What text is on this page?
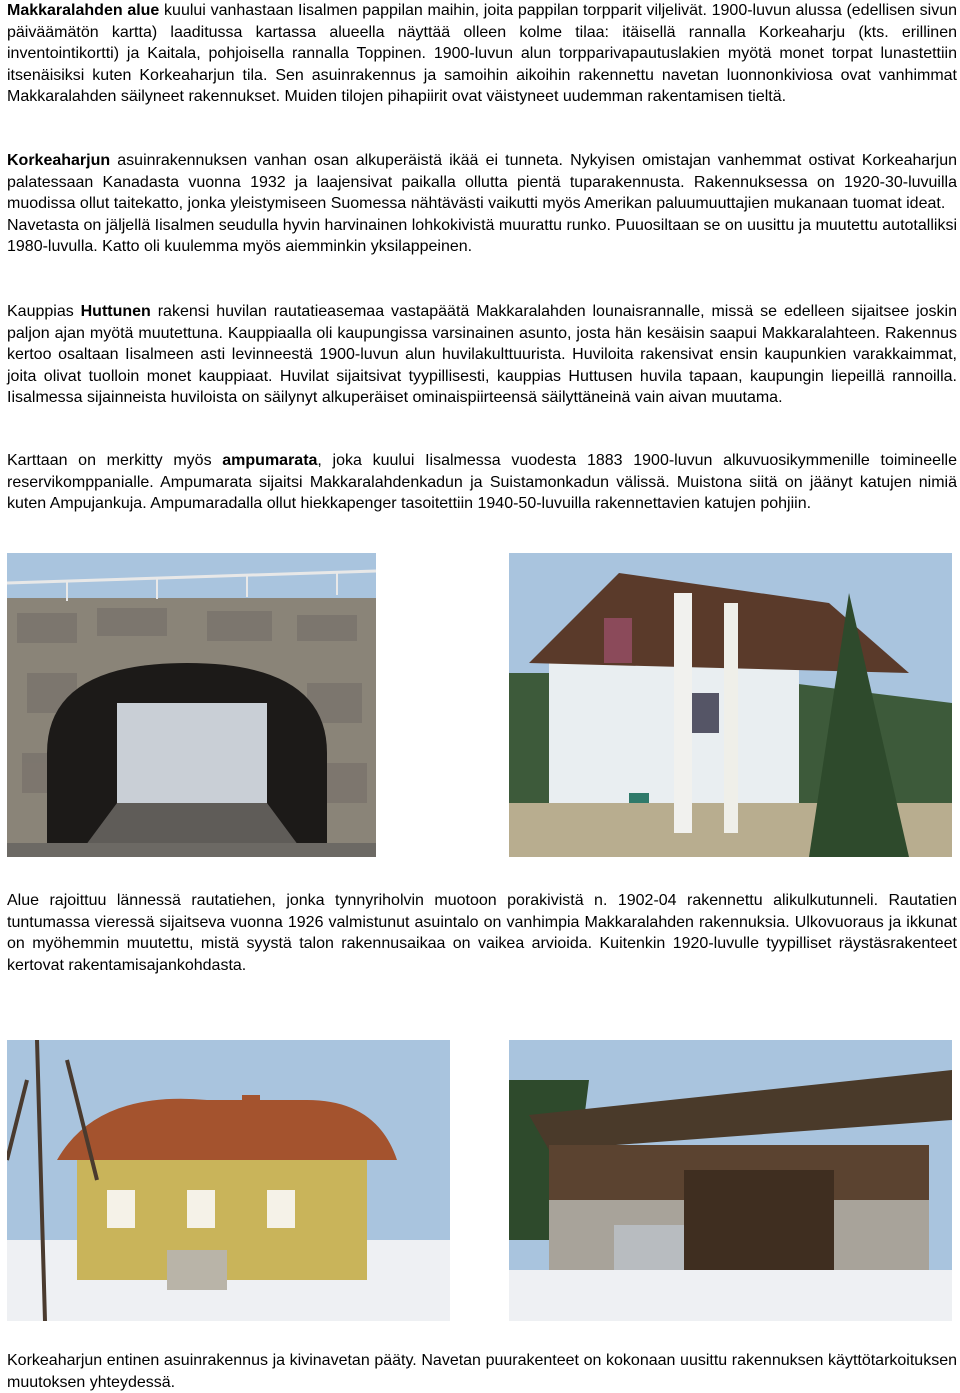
Makkaralahden alue kuului vanhastaan Iisalmen pappilan maihin, joita pappilan torpparit viljelivät. 1900-luvun alussa (edellisen sivun päiväämätön kartta) laaditussa kartassa alueella näyttää olleen kolme tilaa: itäisellä rannalla Korkeaharju (kts. erillinen inventointikortti) ja Kaitala, pohjoisella rannalla Toppinen. 1900-luvun alun torpparivapautuslakien myötä monet torpat lunastettiin itsenäisiksi kuten Korkeaharjun tila. Sen asuinrakennus ja samoihin aikoihin rakennettu navetan luonnonkiviosa ovat vanhimmat Makkaralahden säilyneet rakennukset. Muiden tilojen pihapiirit ovat väistyneet uudemman rakentamisen tieltä.

Korkeaharjun asuinrakennuksen vanhan osan alkuperäistä ikää ei tunneta. Nykyisen omistajan vanhemmat ostivat Korkeaharjun palatessaan Kanadasta vuonna 1932 ja laajensivat paikalla ollutta pientä tuparakennusta. Rakennuksessa on 1920-30-luvuilla muodissa ollut taitekatto, jonka yleistymiseen Suomessa nähtävästi vaikutti myös Amerikan paluumuuttajien mukanaan tuomat ideat.
Navetasta on jäljellä Iisalmen seudulla hyvin harvinainen lohkokivistä muurattu runko. Puuosiltaan se on uusittu ja muutettu autotalliksi 1980-luvulla. Katto oli kuulemma myös aiemminkin yksilappeinen.

Kauppias Huttunen rakensi huvilan rautatieasemaa vastapäätä Makkaralahden lounaisrannalle, missä se edelleen sijaitsee joskin paljon ajan myötä muutettuna. Kauppiaalla oli kaupungissa varsinainen asunto, josta hän kesäisin saapui Makkaralahteen. Rakennus kertoo osaltaan Iisalmeen asti levinneestä 1900-luvun alun huvilakulttuurista. Huviloita rakensivat ensin kaupunkien varakkaimmat, joita olivat tuolloin monet kauppiaat. Huvilat sijaitsivat tyypillisesti, kauppias Huttusen huvila tapaan, kaupungin liepeillä rannoilla. Iisalmessa sijainneista huviloista on säilynyt alkuperäiset ominaispiirteensä säilyttäneinä vain aivan muutama.

Karttaan on merkitty myös ampumarata, joka kuului Iisalmessa vuodesta 1883 1900-luvun alkuvuosikymmenille toimineelle reservikomppanialle. Ampumarata sijaitsi Makkaralahdenkadun ja Suistamonkadun välissä. Muistona siitä on jäänyt katujen nimiä kuten Ampujankuja. Ampumaradalla ollut hiekkapenger tasoitettiin 1940-50-luvuilla rakennettavien katujen pohjiin.

Alue rajoittuu lännessä rautatiehen, jonka tynnyriholvin muotoon porakivistä n. 1902-04 rakennettu alikulkutunneli. Rautatien tuntumassa vieressä sijaitseva vuonna 1926 valmistunut asuintalo on vanhimpia Makkaralahden rakennuksia. Ulkovuoraus ja ikkunat on myöhemmin muutettu, mistä syystä talon rakennusaikaa on vaikea arvioida. Kuitenkin 1920-luvulle tyypilliset räystäsrakenteet kertovat rakentamisajankohdasta.

Korkeaharjun entinen asuinrakennus ja kivinavetan pääty. Navetan puurakenteet on kokonaan uusittu rakennuksen käyttötarkoituksen muutoksen yhteydessä.
